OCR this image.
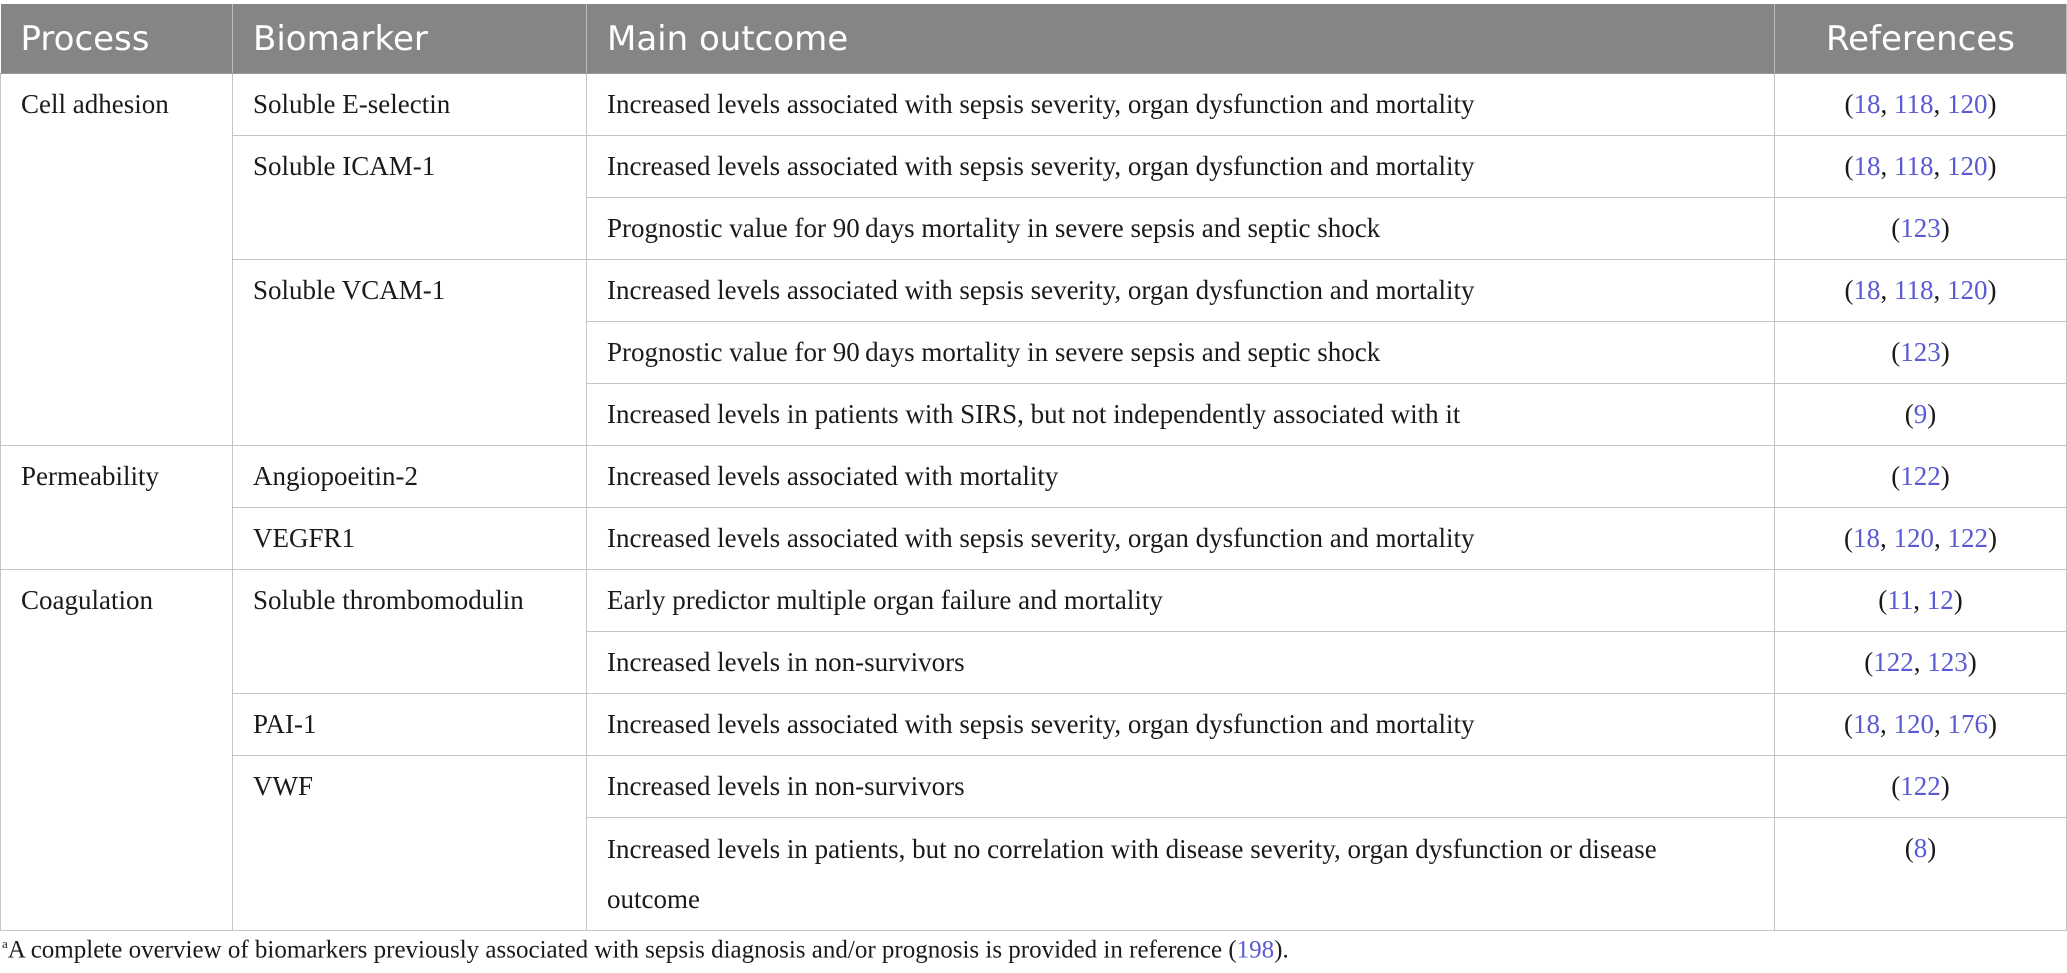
Process	Biomarker	Main outcome	References
Cell adhesion	Soluble E-selectin	Increased levels associated with sepsis severity, organ dysfunction and mortality	(18, 118, 120)
	Soluble ICAM-1	Increased levels associated with sepsis severity, organ dysfunction and mortality	(18, 118, 120)
		Prognostic value for 90 days mortality in severe sepsis and septic shock	(123)
	Soluble VCAM-1	Increased levels associated with sepsis severity, organ dysfunction and mortality	(18, 118, 120)
		Prognostic value for 90 days mortality in severe sepsis and septic shock	(123)
		Increased levels in patients with SIRS, but not independently associated with it	(9)
Permeability	Angiopoeitin-2	Increased levels associated with mortality	(122)
	VEGFR1	Increased levels associated with sepsis severity, organ dysfunction and mortality	(18, 120, 122)
Coagulation	Soluble thrombomodulin	Early predictor multiple organ failure and mortality	(11, 12)
		Increased levels in non-survivors	(122, 123)
	PAI-1	Increased levels associated with sepsis severity, organ dysfunction and mortality	(18, 120, 176)
	VWF	Increased levels in non-survivors	(122)
		Increased levels in patients, but no correlation with disease severity, organ dysfunction or disease outcome	(8)
$^a$A complete overview of biomarkers previously associated with sepsis diagnosis and/or prognosis is provided in reference (198).
